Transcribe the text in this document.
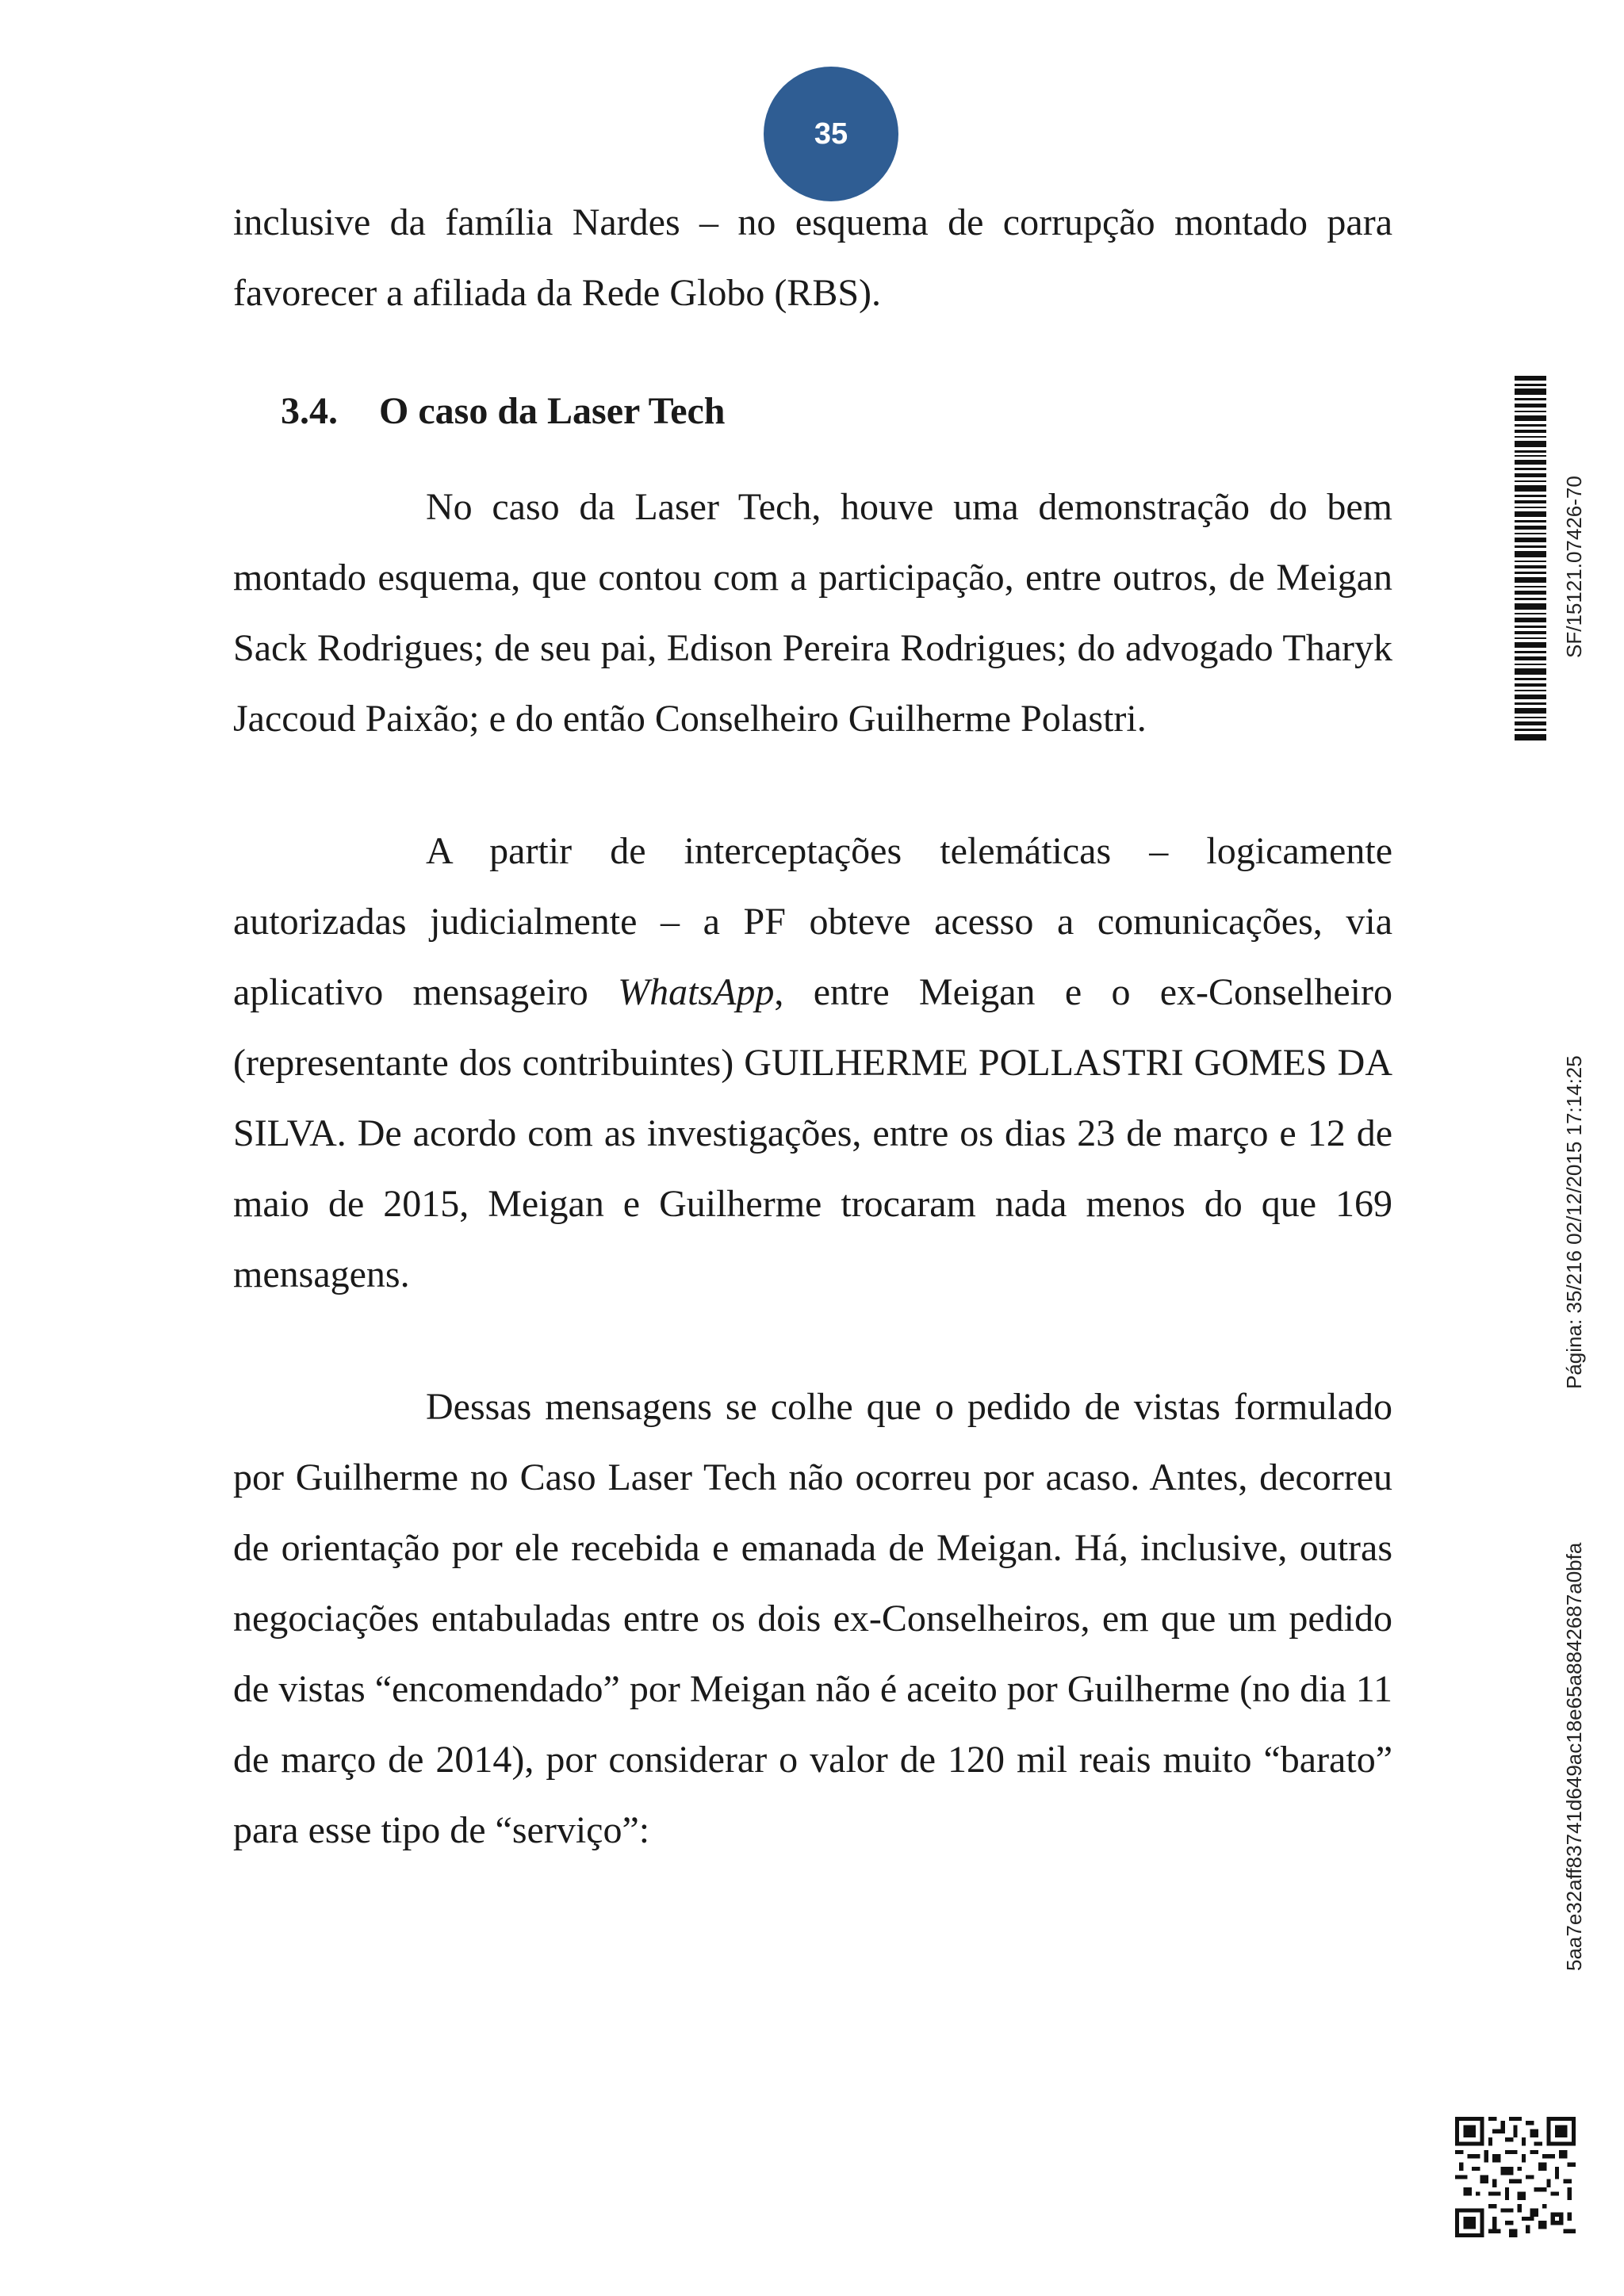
35

inclusive da família Nardes – no esquema de corrupção montado para favorecer a afiliada da Rede Globo (RBS).

3.4. O caso da Laser Tech

No caso da Laser Tech, houve uma demonstração do bem montado esquema, que contou com a participação, entre outros, de Meigan Sack Rodrigues; de seu pai, Edison Pereira Rodrigues; do advogado Tharyk Jaccoud Paixão; e do então Conselheiro Guilherme Polastri.

A partir de interceptações telemáticas – logicamente autorizadas judicialmente – a PF obteve acesso a comunicações, via aplicativo mensageiro WhatsApp, entre Meigan e o ex-Conselheiro (representante dos contribuintes) GUILHERME POLLASTRI GOMES DA SILVA. De acordo com as investigações, entre os dias 23 de março e 12 de maio de 2015, Meigan e Guilherme trocaram nada menos do que 169 mensagens.

Dessas mensagens se colhe que o pedido de vistas formulado por Guilherme no Caso Laser Tech não ocorreu por acaso. Antes, decorreu de orientação por ele recebida e emanada de Meigan. Há, inclusive, outras negociações entabuladas entre os dois ex-Conselheiros, em que um pedido de vistas “encomendado” por Meigan não é aceito por Guilherme (no dia 11 de março de 2014), por considerar o valor de 120 mil reais muito “barato” para esse tipo de “serviço”:

SF/15121.07426-70
Página: 35/216 02/12/2015 17:14:25
5aa7e32aff83741d649ac18e65a8842687a0bfa
